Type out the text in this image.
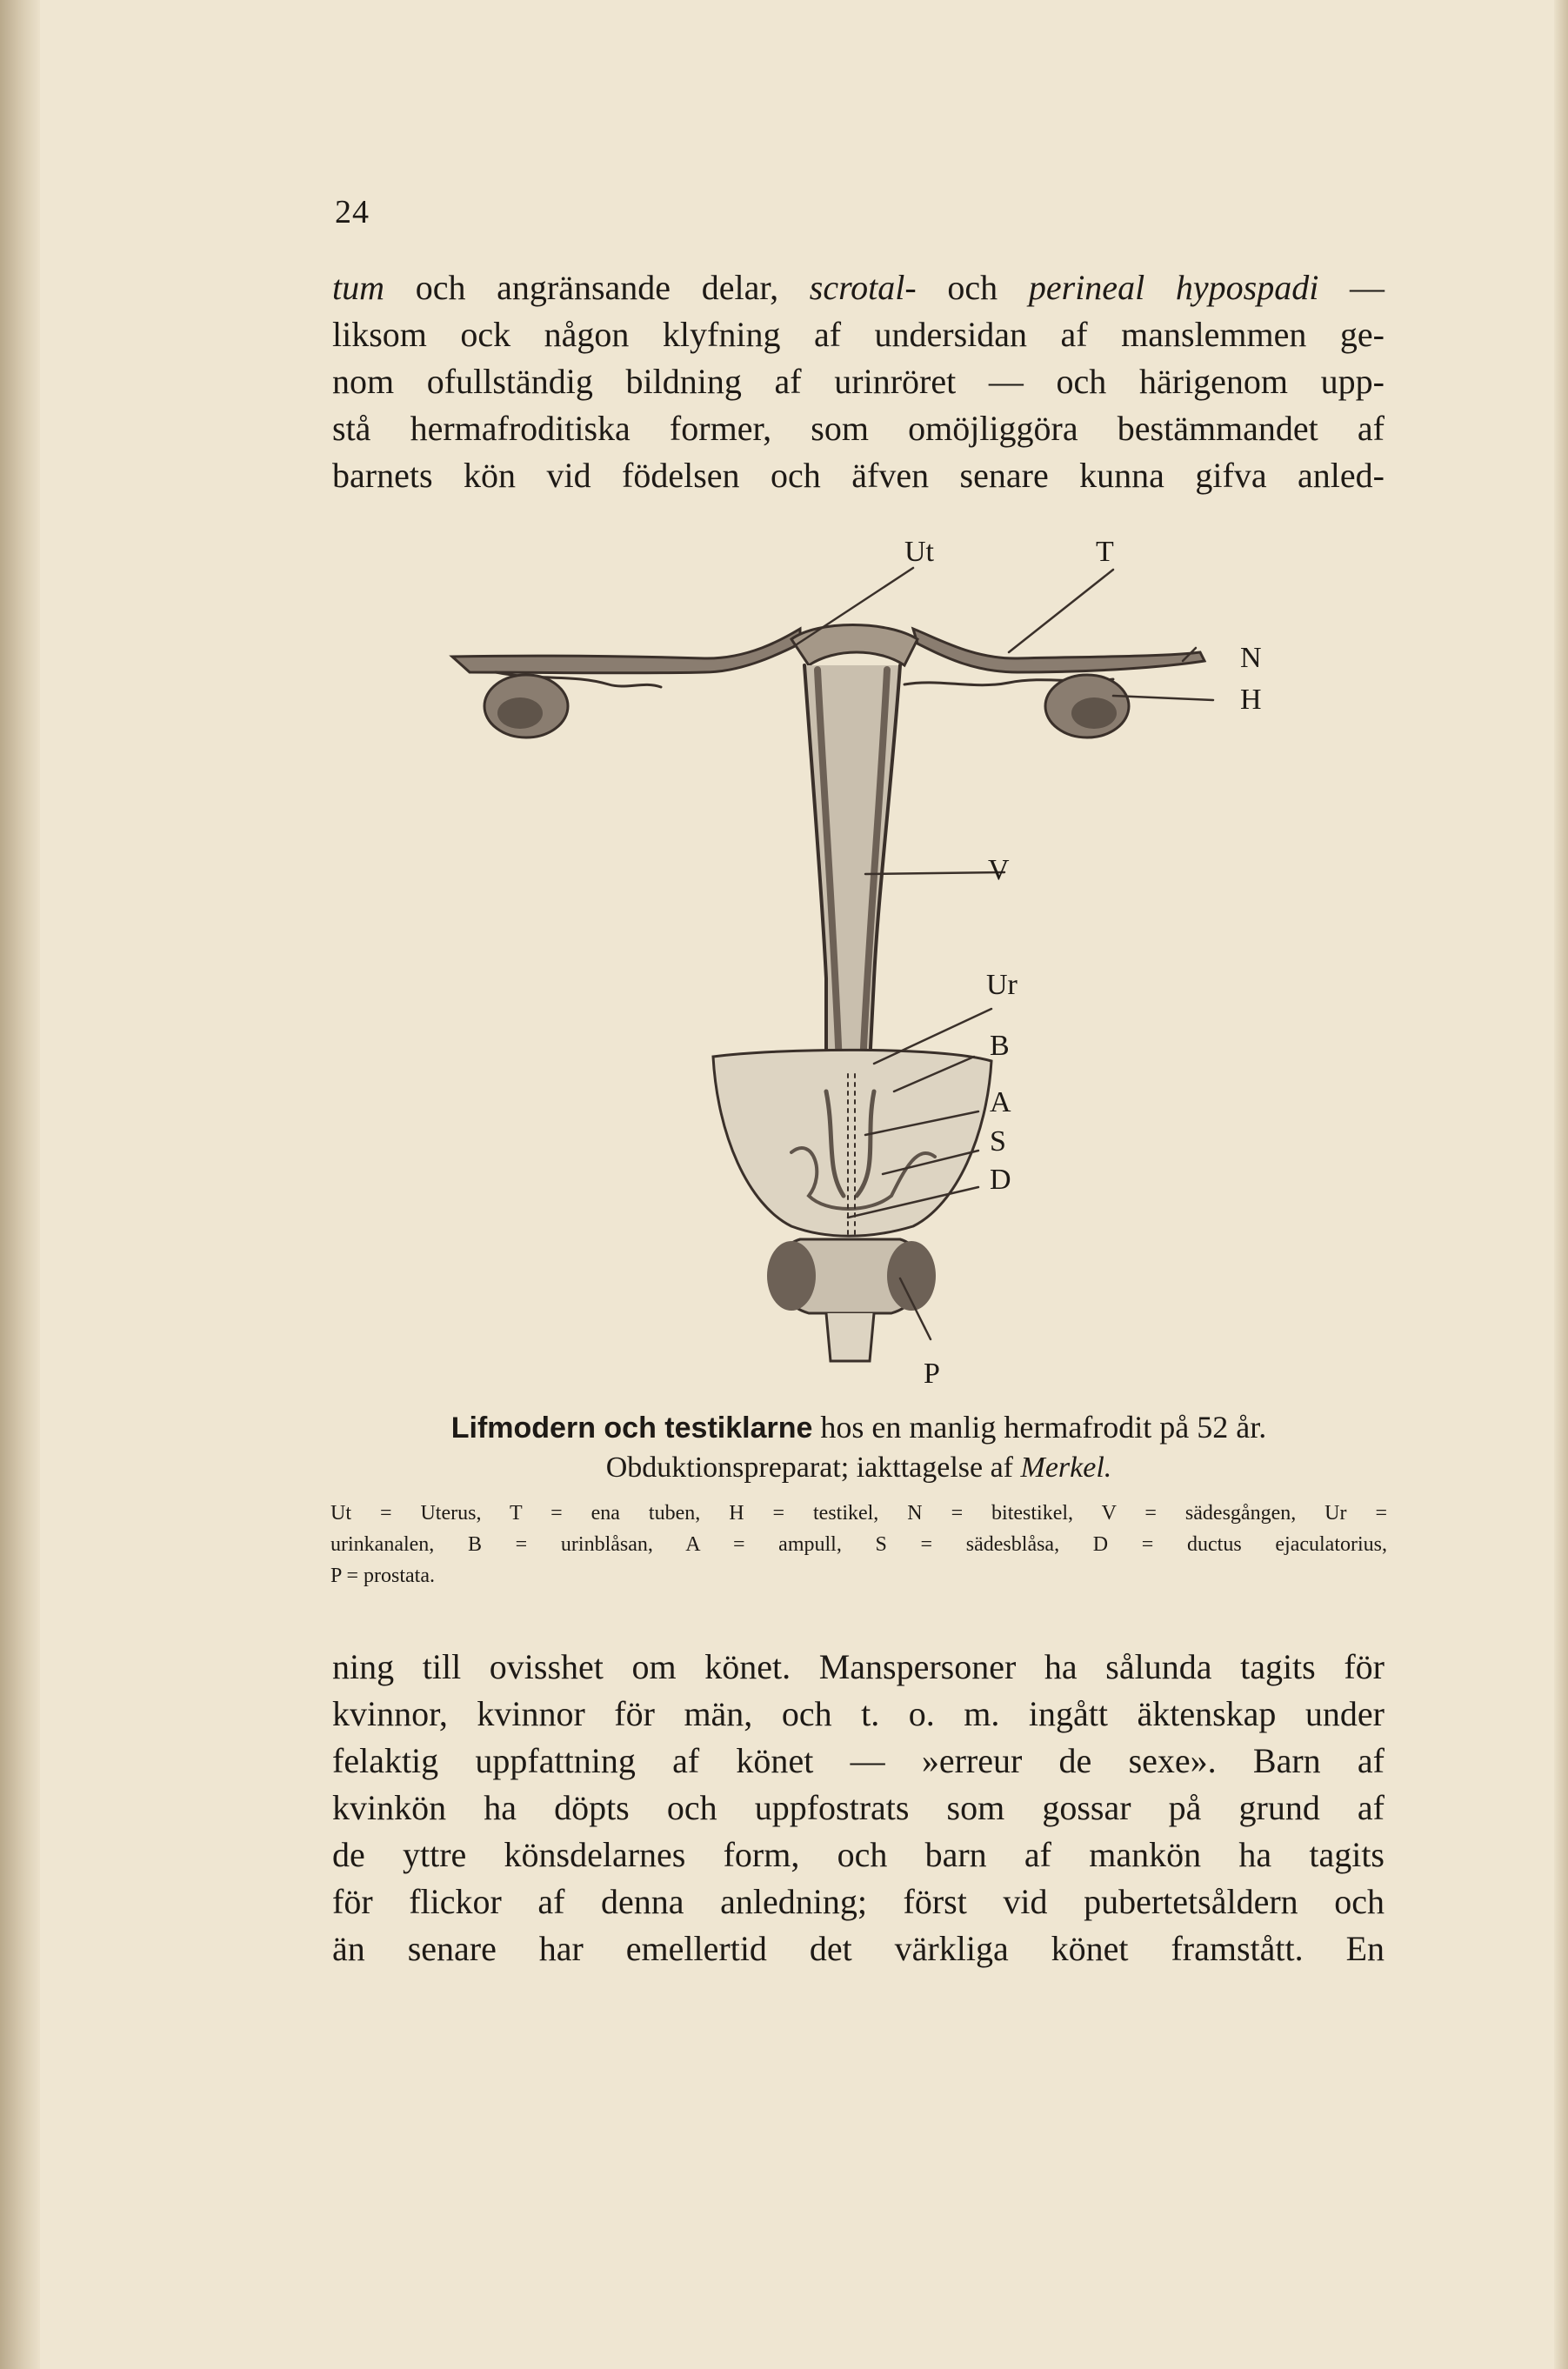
24
tum och angränsande delar, scrotal- och perineal hypospadi —
liksom ock någon klyfning af undersidan af manslemmen ge-
nom ofullständig bildning af urinröret — och härigenom upp-
stå hermafroditiska former, som omöjliggöra bestämmandet af
barnets kön vid födelsen och äfven senare kunna gifva anled-
Ut	T
N
H
V
Ur
B
A
S
D
P
Lifmodern och testiklarne hos en manlig hermafrodit på 52 år.
Obduktionspreparat; iakttagelse af Merkel.
Ut = Uterus, T = ena tuben, H = testikel, N = bitestikel, V = sädesgången, Ur =
urinkanalen, B = urinblåsan, A = ampull, S = sädesblåsa, D = ductus ejaculatorius,
P = prostata.
ning till ovisshet om könet. Manspersoner ha sålunda tagits för
kvinnor, kvinnor för män, och t. o. m. ingått äktenskap under
felaktig uppfattning af könet — »erreur de sexe». Barn af
kvinkön ha döpts och uppfostrats som gossar på grund af
de yttre könsdelarnes form, och barn af mankön ha tagits
för flickor af denna anledning; först vid pubertetsåldern och
än senare har emellertid det värkliga könet framstått. En
